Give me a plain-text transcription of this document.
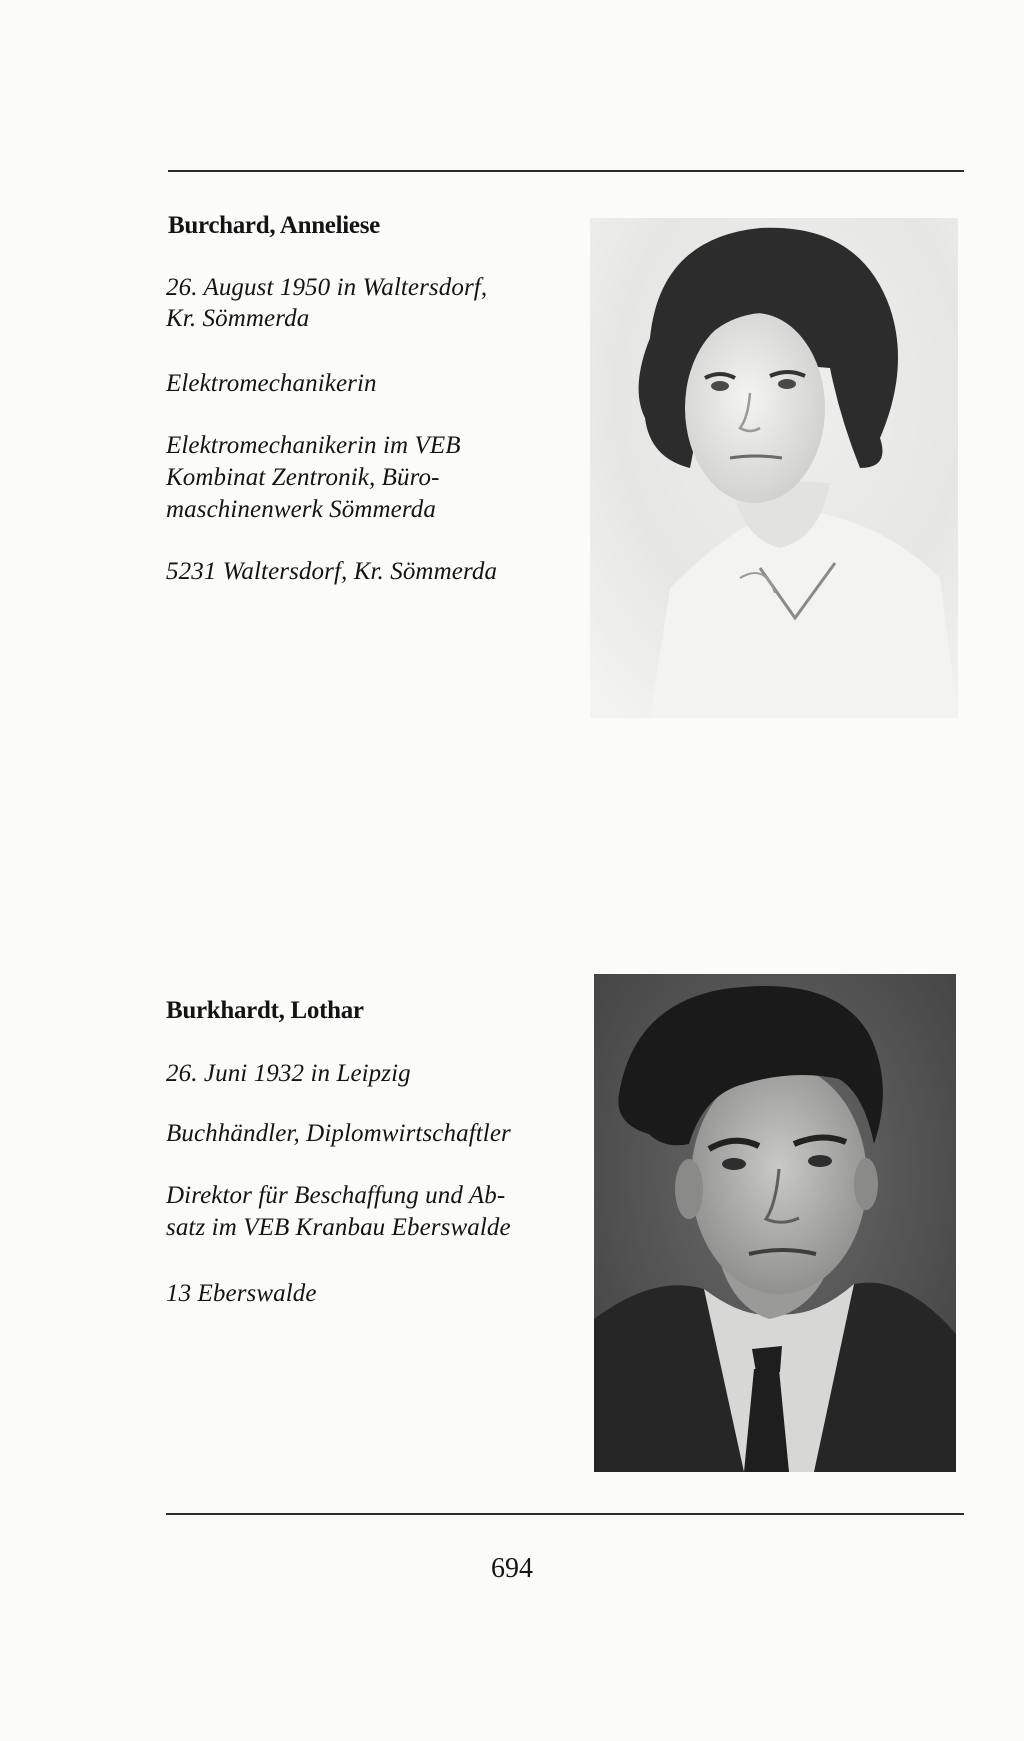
Burchard, Anneliese
26. August 1950 in Waltersdorf,
Kr. Sömmerda
Elektromechanikerin
Elektromechanikerin im VEB
Kombinat Zentronik, Büro-
maschinenwerk Sömmerda
5231 Waltersdorf, Kr. Sömmerda
Burkhardt, Lothar
26. Juni 1932 in Leipzig
Buchhändler, Diplomwirtschaftler
Direktor für Beschaffung und Ab-
satz im VEB Kranbau Eberswalde
13 Eberswalde
694
